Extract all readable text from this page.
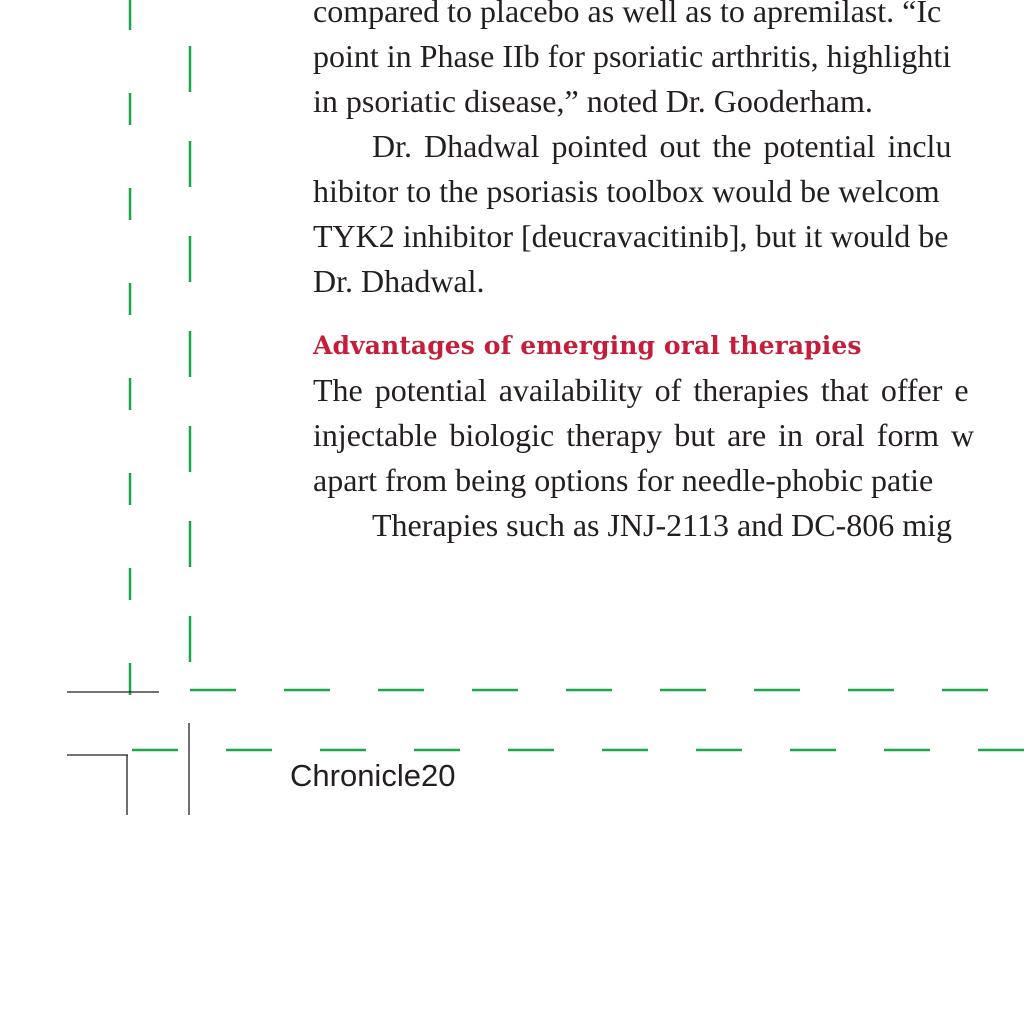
compared to placebo as well as to apremilast. “Ic
point in Phase IIb for psoriatic arthritis, highlighti
in psoriatic disease,” noted Dr. Gooderham.
Dr. Dhadwal pointed out the potential inclu
hibitor to the psoriasis toolbox would be welcom
TYK2 inhibitor [deucravacitinib], but it would be
Dr. Dhadwal.
Advantages of emerging oral therapies
The potential availability of therapies that offer e
injectable biologic therapy but are in oral form w
apart from being options for needle-phobic patie
Therapies such as JNJ-2113 and DC-806 mig
Chronicle20
